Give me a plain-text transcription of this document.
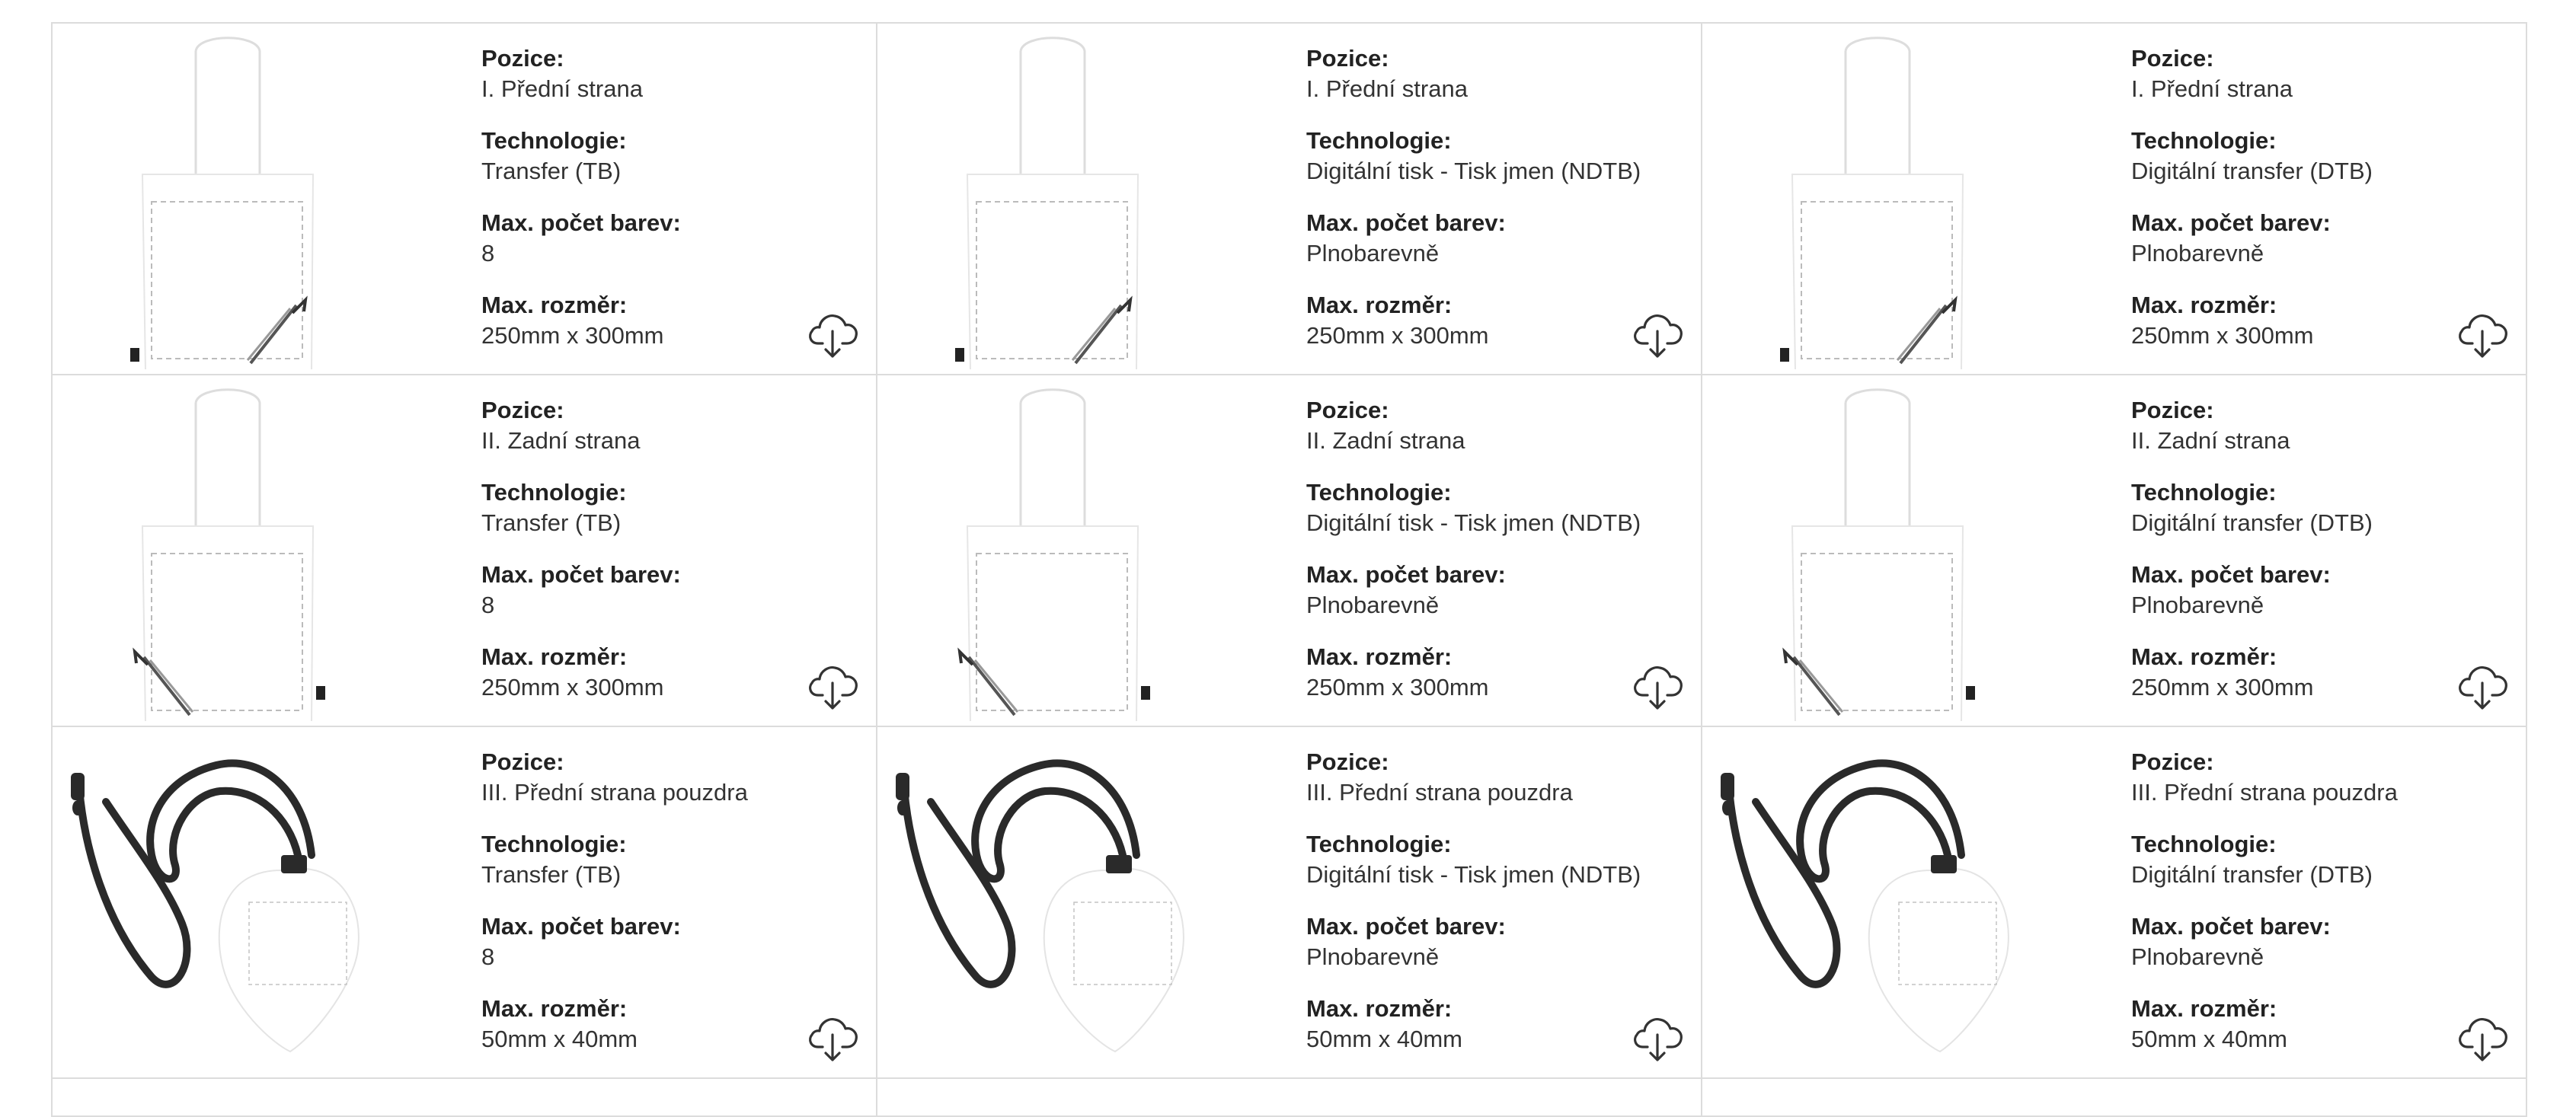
Pozice:
I. Přední strana
Technologie:
Transfer (TB)
Max. počet barev:
8
Max. rozměr:
250mm x 300mm
Pozice:
I. Přední strana
Technologie:
Digitální tisk - Tisk jmen (NDTB)
Max. počet barev:
Plnobarevně
Max. rozměr:
250mm x 300mm
Pozice:
I. Přední strana
Technologie:
Digitální transfer (DTB)
Max. počet barev:
Plnobarevně
Max. rozměr:
250mm x 300mm
Pozice:
II. Zadní strana
Technologie:
Transfer (TB)
Max. počet barev:
8
Max. rozměr:
250mm x 300mm
Pozice:
II. Zadní strana
Technologie:
Digitální tisk - Tisk jmen (NDTB)
Max. počet barev:
Plnobarevně
Max. rozměr:
250mm x 300mm
Pozice:
II. Zadní strana
Technologie:
Digitální transfer (DTB)
Max. počet barev:
Plnobarevně
Max. rozměr:
250mm x 300mm
Pozice:
III. Přední strana pouzdra
Technologie:
Transfer (TB)
Max. počet barev:
8
Max. rozměr:
50mm x 40mm
Pozice:
III. Přední strana pouzdra
Technologie:
Digitální tisk - Tisk jmen (NDTB)
Max. počet barev:
Plnobarevně
Max. rozměr:
50mm x 40mm
Pozice:
III. Přední strana pouzdra
Technologie:
Digitální transfer (DTB)
Max. počet barev:
Plnobarevně
Max. rozměr:
50mm x 40mm
